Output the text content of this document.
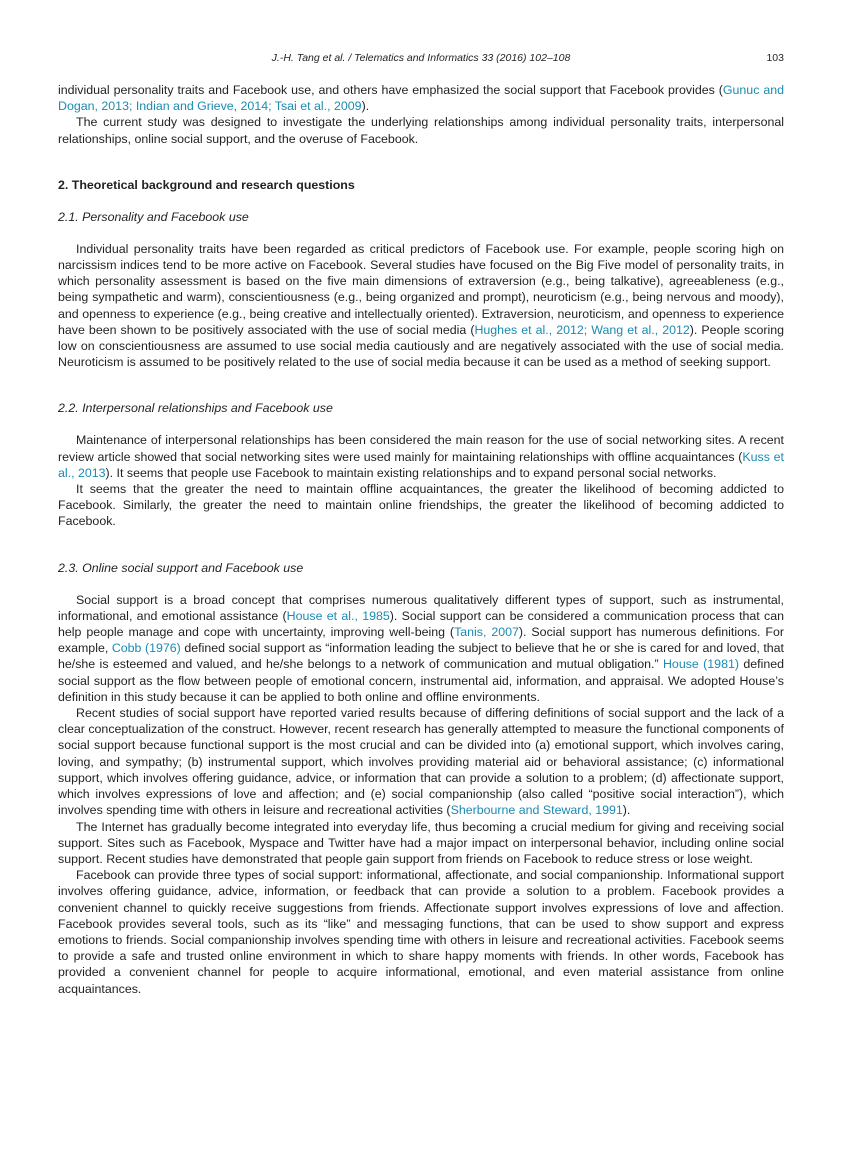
J.-H. Tang et al. / Telematics and Informatics 33 (2016) 102–108	103

individual personality traits and Facebook use, and others have emphasized the social support that Facebook provides (Gunuc and Dogan, 2013; Indian and Grieve, 2014; Tsai et al., 2009).

The current study was designed to investigate the underlying relationships among individual personality traits, interpersonal relationships, online social support, and the overuse of Facebook.

2. Theoretical background and research questions
2.1. Personality and Facebook use

Individual personality traits have been regarded as critical predictors of Facebook use. For example, people scoring high on narcissism indices tend to be more active on Facebook. Several studies have focused on the Big Five model of personality traits, in which personality assessment is based on the five main dimensions of extraversion (e.g., being talkative), agreeableness (e.g., being sympathetic and warm), conscientiousness (e.g., being organized and prompt), neuroticism (e.g., being nervous and moody), and openness to experience (e.g., being creative and intellectually oriented). Extraversion, neuroticism, and openness to experience have been shown to be positively associated with the use of social media (Hughes et al., 2012; Wang et al., 2012). People scoring low on conscientiousness are assumed to use social media cautiously and are negatively associated with the use of social media. Neuroticism is assumed to be positively related to the use of social media because it can be used as a method of seeking support.

2.2. Interpersonal relationships and Facebook use

Maintenance of interpersonal relationships has been considered the main reason for the use of social networking sites. A recent review article showed that social networking sites were used mainly for maintaining relationships with offline acquaintances (Kuss et al., 2013). It seems that people use Facebook to maintain existing relationships and to expand personal social networks.

It seems that the greater the need to maintain offline acquaintances, the greater the likelihood of becoming addicted to Facebook. Similarly, the greater the need to maintain online friendships, the greater the likelihood of becoming addicted to Facebook.

2.3. Online social support and Facebook use

Social support is a broad concept that comprises numerous qualitatively different types of support, such as instrumental, informational, and emotional assistance (House et al., 1985). Social support can be considered a communication process that can help people manage and cope with uncertainty, improving well-being (Tanis, 2007). Social support has numerous definitions. For example, Cobb (1976) defined social support as “information leading the subject to believe that he or she is cared for and loved, that he/she is esteemed and valued, and he/she belongs to a network of communication and mutual obligation.” House (1981) defined social support as the flow between people of emotional concern, instrumental aid, information, and appraisal. We adopted House’s definition in this study because it can be applied to both online and offline environments.

Recent studies of social support have reported varied results because of differing definitions of social support and the lack of a clear conceptualization of the construct. However, recent research has generally attempted to measure the functional components of social support because functional support is the most crucial and can be divided into (a) emotional support, which involves caring, loving, and sympathy; (b) instrumental support, which involves providing material aid or behavioral assistance; (c) informational support, which involves offering guidance, advice, or information that can provide a solution to a problem; (d) affectionate support, which involves expressions of love and affection; and (e) social companionship (also called “positive social interaction”), which involves spending time with others in leisure and recreational activities (Sherbourne and Steward, 1991).

The Internet has gradually become integrated into everyday life, thus becoming a crucial medium for giving and receiving social support. Sites such as Facebook, Myspace and Twitter have had a major impact on interpersonal behavior, including online social support. Recent studies have demonstrated that people gain support from friends on Facebook to reduce stress or lose weight.

Facebook can provide three types of social support: informational, affectionate, and social companionship. Informational support involves offering guidance, advice, information, or feedback that can provide a solution to a problem. Facebook provides a convenient channel to quickly receive suggestions from friends. Affectionate support involves expressions of love and affection. Facebook provides several tools, such as its “like” and messaging functions, that can be used to show support and express emotions to friends. Social companionship involves spending time with others in leisure and recreational activities. Facebook seems to provide a safe and trusted online environment in which to share happy moments with friends. In other words, Facebook has provided a convenient channel for people to acquire informational, emotional, and even material assistance from online acquaintances.
